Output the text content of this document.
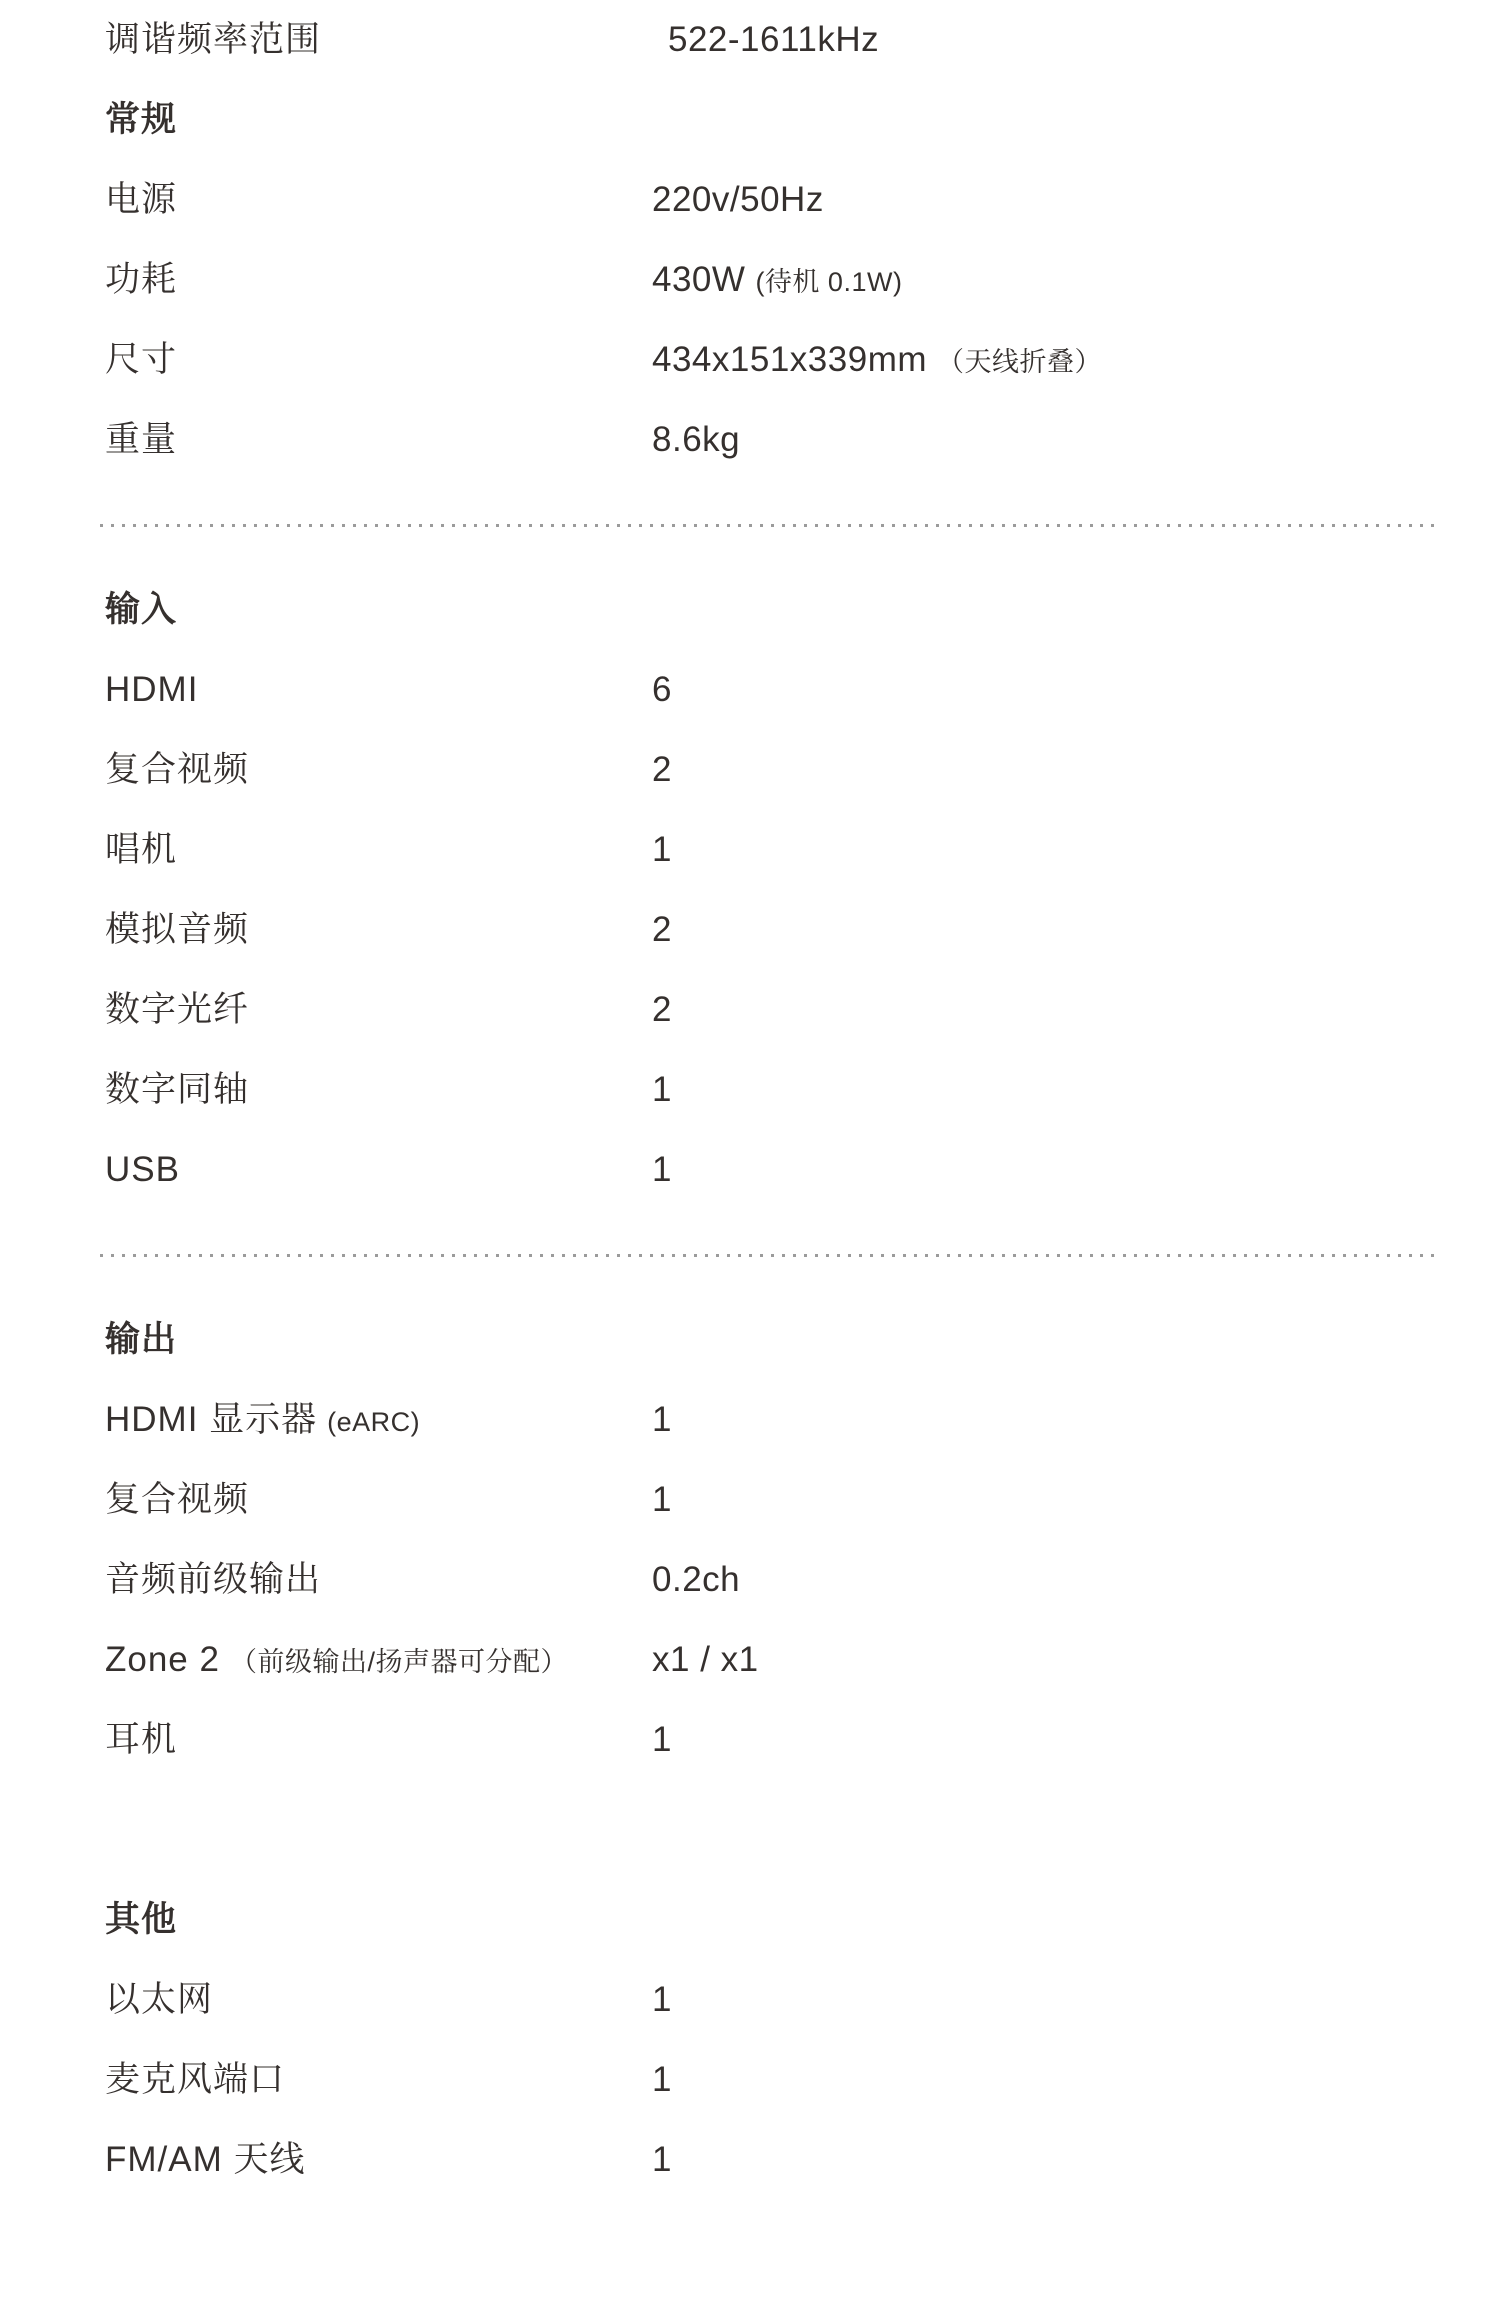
调谐频率范围	522-1611kHz
常规
电源	220v/50Hz
功耗	430W (待机 0.1W)
尺寸	434x151x339mm （天线折叠）
重量	8.6kg
输入
HDMI	6
复合视频	2
唱机	1
模拟音频	2
数字光纤	2
数字同轴	1
USB	1
输出
HDMI 显示器 (eARC)	1
复合视频	1
音频前级输出	0.2ch
Zone 2 （前级输出/扬声器可分配） x1 / x1
耳机	1
其他
以太网	1
麦克风端口	1
FM/AM 天线	1
